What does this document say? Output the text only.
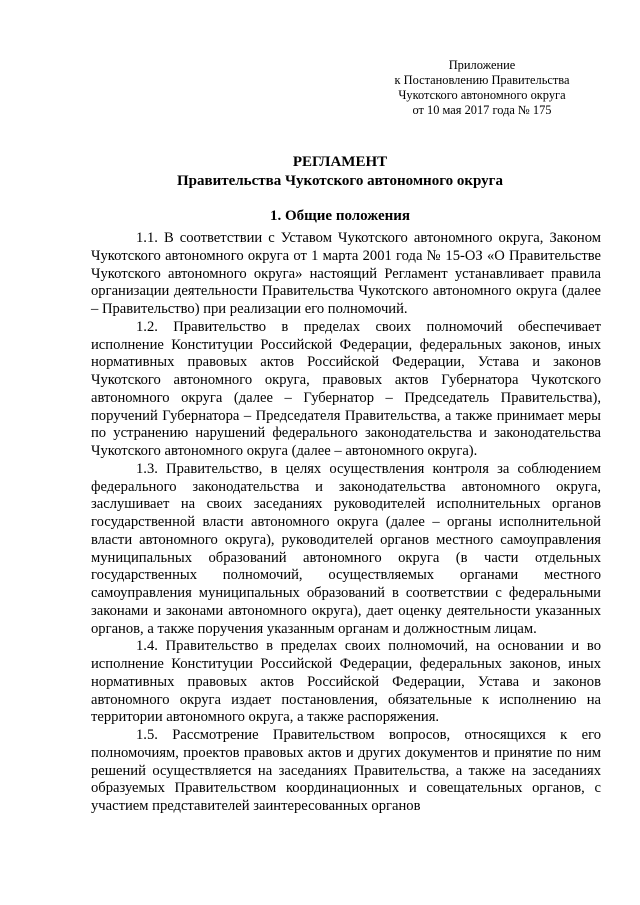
Приложение
к Постановлению Правительства
Чукотского автономного округа
от 10 мая 2017 года № 175
РЕГЛАМЕНТ
Правительства Чукотского автономного округа
1. Общие положения

1.1. В соответствии с Уставом Чукотского автономного округа, Законом Чукотского автономного округа от 1 марта 2001 года № 15-ОЗ «О Правительстве Чукотского автономного округа» настоящий Регламент устанавливает правила организации деятельности Правительства Чукотского автономного округа (далее – Правительство) при реализации его полномочий.

1.2. Правительство в пределах своих полномочий обеспечивает исполнение Конституции Российской Федерации, федеральных законов, иных нормативных правовых актов Российской Федерации, Устава и законов Чукотского автономного округа, правовых актов Губернатора Чукотского автономного округа (далее – Губернатор – Председатель Правительства), поручений Губернатора – Председателя Правительства, а также принимает меры по устранению нарушений федерального законодательства и законодательства Чукотского автономного округа (далее – автономного округа).

1.3. Правительство, в целях осуществления контроля за соблюдением федерального законодательства и законодательства автономного округа, заслушивает на своих заседаниях руководителей исполнительных органов государственной власти автономного округа (далее – органы исполнительной власти автономного округа), руководителей органов местного самоуправления муниципальных образований автономного округа (в части отдельных государственных полномочий, осуществляемых органами местного самоуправления муниципальных образований в соответствии с федеральными законами и законами автономного округа), дает оценку деятельности указанных органов, а также поручения указанным органам и должностным лицам.

1.4. Правительство в пределах своих полномочий, на основании и во исполнение Конституции Российской Федерации, федеральных законов, иных нормативных правовых актов Российской Федерации, Устава и законов автономного округа издает постановления, обязательные к исполнению на территории автономного округа, а также распоряжения.

1.5. Рассмотрение Правительством вопросов, относящихся к его полномочиям, проектов правовых актов и других документов и принятие по ним решений осуществляется на заседаниях Правительства, а также на заседаниях образуемых Правительством координационных и совещательных органов, с участием представителей заинтересованных органов
